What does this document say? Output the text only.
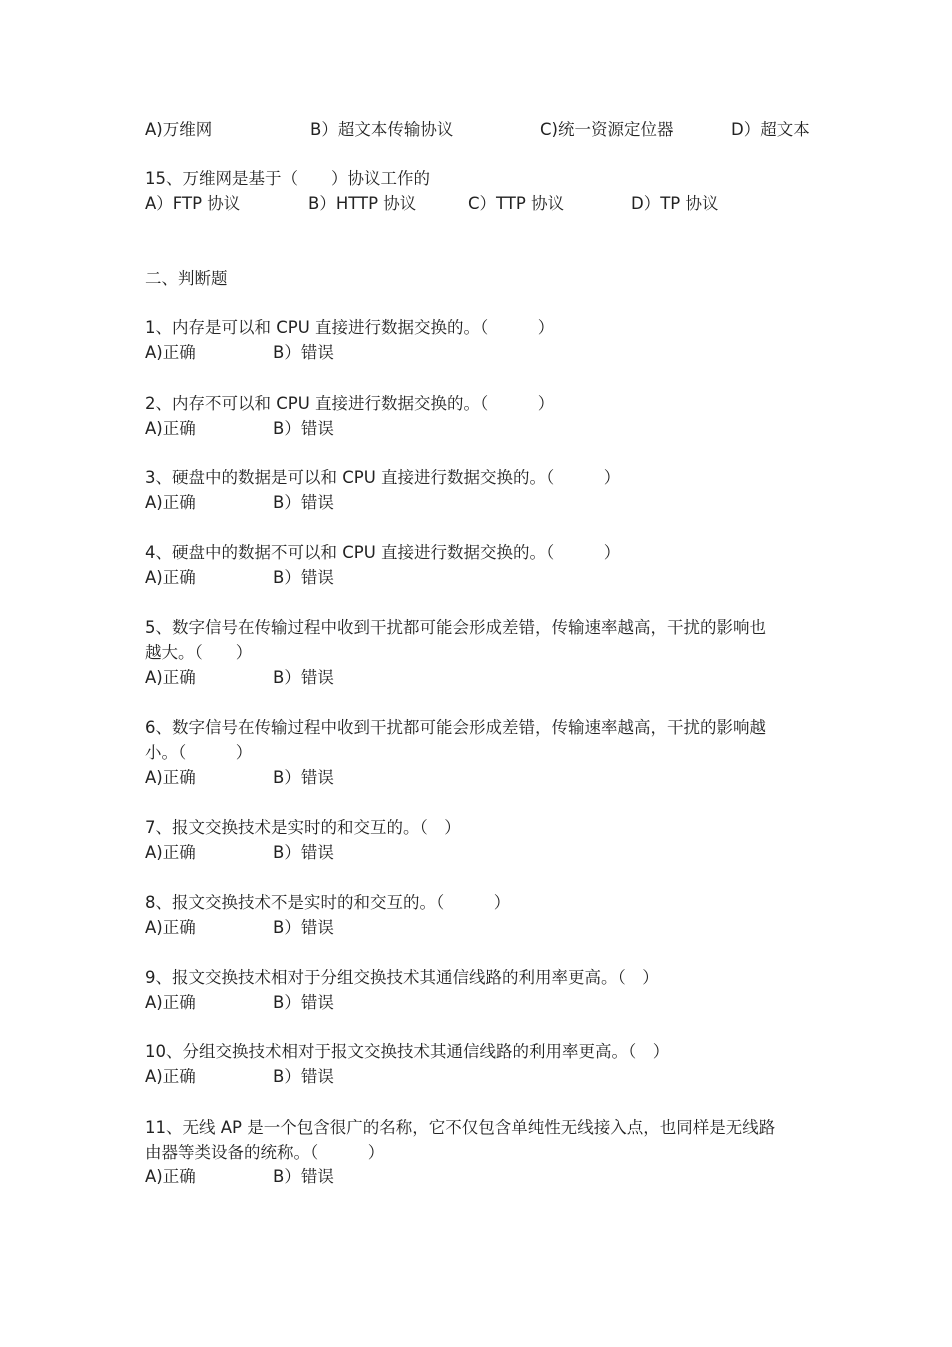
A)万维网	B）超文本传输协议	C)统一资源定位器	D）超文本
15、万维网是基于（　　）协议工作的
A）FTP 协议	B）HTTP 协议	C）TTP 协议	D）TP 协议
二、判断题
1、内存是可以和 CPU 直接进行数据交换的。（　　　）
A)正确	B）错误
2、内存不可以和 CPU 直接进行数据交换的。（　　　）
A)正确	B）错误
3、硬盘中的数据是可以和 CPU 直接进行数据交换的。（　　　）
A)正确	B）错误
4、硬盘中的数据不可以和 CPU 直接进行数据交换的。（　　　）
A)正确	B）错误
5、数字信号在传输过程中收到干扰都可能会形成差错，传输速率越高，干扰的影响也
越大。（　　）
A)正确	B）错误
6、数字信号在传输过程中收到干扰都可能会形成差错，传输速率越高，干扰的影响越
小。（　　　）
A)正确	B）错误
7、报文交换技术是实时的和交互的。（　）
A)正确	B）错误
8、报文交换技术不是实时的和交互的。（　　　）
A)正确	B）错误
9、报文交换技术相对于分组交换技术其通信线路的利用率更高。（　）
A)正确	B）错误
10、分组交换技术相对于报文交换技术其通信线路的利用率更高。（　）
A)正确	B）错误
11、无线 AP 是一个包含很广的名称，它不仅包含单纯性无线接入点，也同样是无线路
由器等类设备的统称。（　　　）
A)正确	B）错误
